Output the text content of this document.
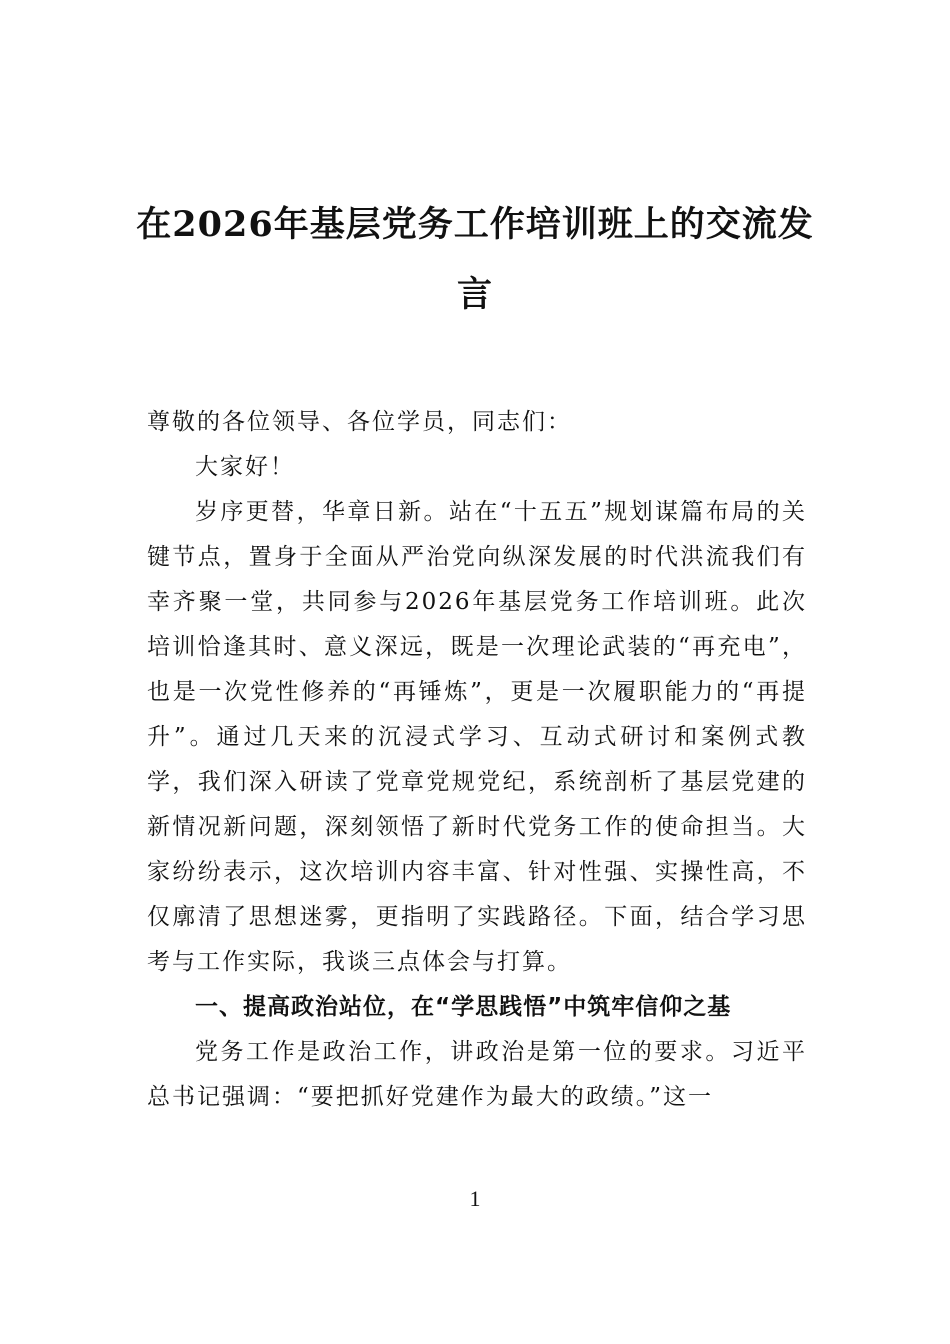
在2026年基层党务工作培训班上的交流发言

尊敬的各位领导、各位学员，同志们：

大家好！

岁序更替，华章日新。站在“十五五”规划谋篇布局的关键节点，置身于全面从严治党向纵深发展的时代洪流我们有幸齐聚一堂，共同参与2026年基层党务工作培训班。此次培训恰逢其时、意义深远，既是一次理论武装的“再充电”，也是一次党性修养的“再锤炼”，更是一次履职能力的“再提升”。通过几天来的沉浸式学习、互动式研讨和案例式教学，我们深入研读了党章党规党纪，系统剖析了基层党建的新情况新问题，深刻领悟了新时代党务工作的使命担当。大家纷纷表示，这次培训内容丰富、针对性强、实操性高，不仅廓清了思想迷雾，更指明了实践路径。下面，结合学习思考与工作实际，我谈三点体会与打算。

一、提高政治站位，在“学思践悟”中筑牢信仰之基

党务工作是政治工作，讲政治是第一位的要求。习近平总书记强调：“要把抓好党建作为最大的政绩。”这一

1
